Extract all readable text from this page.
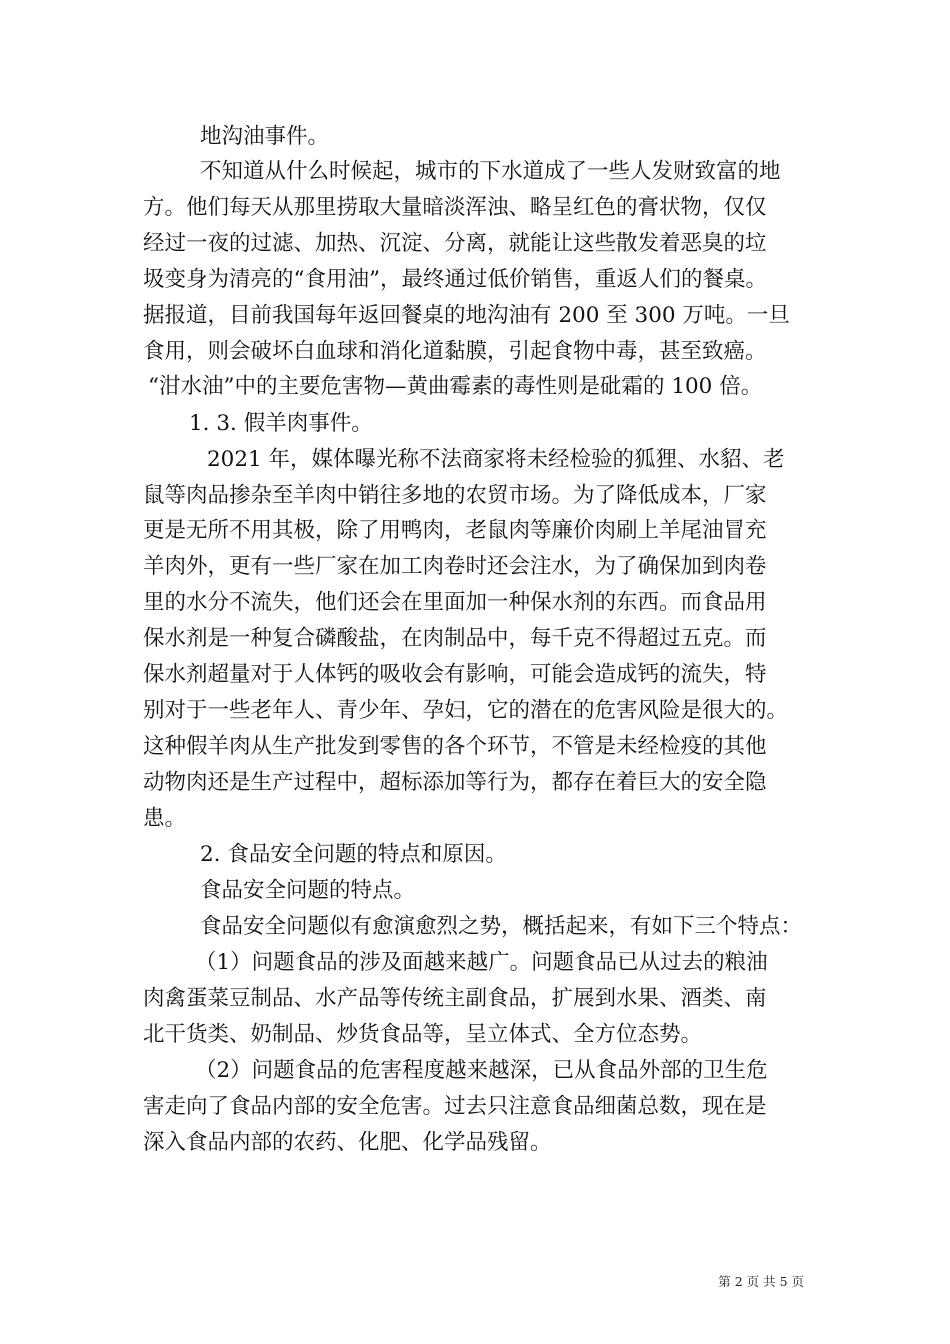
地沟油事件。
不知道从什么时候起，城市的下水道成了一些人发财致富的地
方。他们每天从那里捞取大量暗淡浑浊、略呈红色的膏状物，仅仅
经过一夜的过滤、加热、沉淀、分离，就能让这些散发着恶臭的垃
圾变身为清亮的“食用油”，最终通过低价销售，重返人们的餐桌。
据报道，目前我国每年返回餐桌的地沟油有 200 至 300 万吨。一旦
食用，则会破坏白血球和消化道黏膜，引起食物中毒，甚至致癌。
“泔水油”中的主要危害物—黄曲霉素的毒性则是砒霜的 100 倍。
1. 3. 假羊肉事件。
2021 年，媒体曝光称不法商家将未经检验的狐狸、水貂、老
鼠等肉品掺杂至羊肉中销往多地的农贸市场。为了降低成本，厂家
更是无所不用其极，除了用鸭肉，老鼠肉等廉价肉刷上羊尾油冒充
羊肉外，更有一些厂家在加工肉卷时还会注水，为了确保加到肉卷
里的水分不流失，他们还会在里面加一种保水剂的东西。而食品用
保水剂是一种复合磷酸盐，在肉制品中，每千克不得超过五克。而
保水剂超量对于人体钙的吸收会有影响，可能会造成钙的流失，特
别对于一些老年人、青少年、孕妇，它的潜在的危害风险是很大的。
这种假羊肉从生产批发到零售的各个环节，不管是未经检疫的其他
动物肉还是生产过程中，超标添加等行为，都存在着巨大的安全隐
患。
2. 食品安全问题的特点和原因。
食品安全问题的特点。
食品安全问题似有愈演愈烈之势，概括起来，有如下三个特点：
（1）问题食品的涉及面越来越广。问题食品已从过去的粮油
肉禽蛋菜豆制品、水产品等传统主副食品，扩展到水果、酒类、南
北干货类、奶制品、炒货食品等，呈立体式、全方位态势。
（2）问题食品的危害程度越来越深，已从食品外部的卫生危
害走向了食品内部的安全危害。过去只注意食品细菌总数，现在是
深入食品内部的农药、化肥、化学品残留。
第 2 页 共 5 页
